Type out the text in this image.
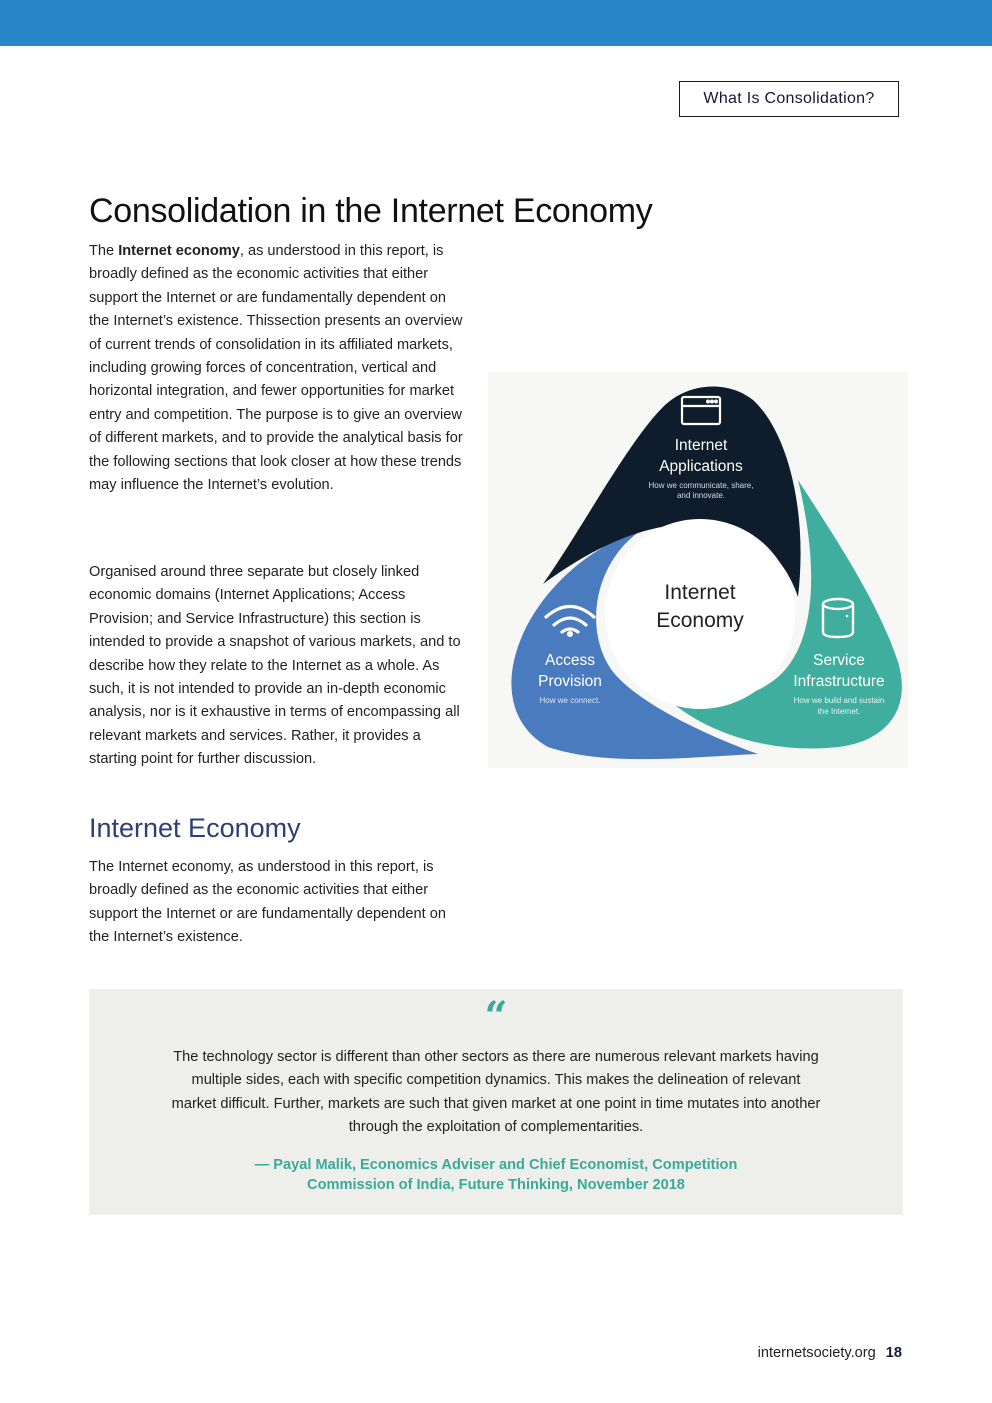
What Is Consolidation?
Consolidation in the Internet Economy

The Internet economy, as understood in this report, is broadly defined as the economic activities that either support the Internet or are fundamentally dependent on the Internet’s existence. Thissection presents an overview of current trends of consolidation in its affiliated markets, including growing forces of concentration, vertical and horizontal integration, and fewer opportunities for market entry and competition. The purpose is to give an overview of different markets, and to provide the analytical basis for the following sections that look closer at how these trends may influence the Internet’s evolution.

Organised around three separate but closely linked economic domains (Internet Applications; Access Provision; and Service Infrastructure) this section is intended to provide a snapshot of various markets, and to describe how they relate to the Internet as a whole. As such, it is not intended to provide an in-depth economic analysis, nor is it exhaustive in terms of encompassing all relevant markets and services. Rather, it provides a starting point for further discussion.

Internet Economy

The Internet economy, as understood in this report, is broadly defined as the economic activities that either support the Internet or are fundamentally dependent on the Internet’s existence.

Internet
Economy
Internet
Applications
How we communicate, share,
and innovate.
Access
Provision
How we connect.
Service
Infrastructure
How we build and sustain
the Internet.
“

The technology sector is different than other sectors as there are numerous relevant markets having multiple sides, each with specific competition dynamics. This makes the delineation of relevant market difficult. Further, markets are such that given market at one point in time mutates into another through the exploitation of complementarities.

— Payal Malik, Economics Adviser and Chief Economist, Competition Commission of India, Future Thinking, November 2018

internetsociety.org 18
